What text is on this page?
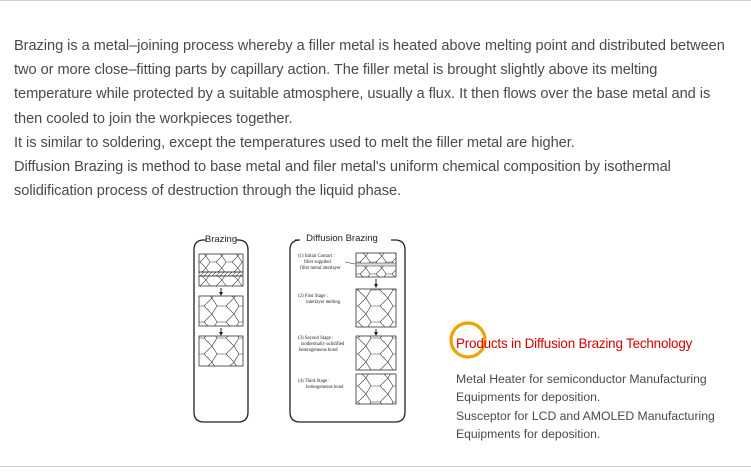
Brazing is a metal–joining process whereby a filler metal is heated above melting point and distributed between two or more close–fitting parts by capillary action. The filler metal is brought slightly above its melting temperature while protected by a suitable atmosphere, usually a flux. It then flows over the base metal and is then cooled to join the workpieces together.

It is similar to soldering, except the temperatures used to melt the filler metal are higher.

Diffusion Brazing is method to base metal and filer metal's uniform chemical composition by isothermal solidification process of destruction through the liquid phase.

Brazing	Diffusion Brazing
(1) Initial Contact :
filler supplied
filler metal interlayer
(2) First Stage :
interlayer melting
(3) Second Stage :
isothermally solidified
heterogeneous bond
(4) Third Stage :
homogeneous bond
Products in Diffusion Brazing Technology
Metal Heater for semiconductor Manufacturing
Equipments for deposition.
Susceptor for LCD and AMOLED Manufacturing
Equipments for deposition.
